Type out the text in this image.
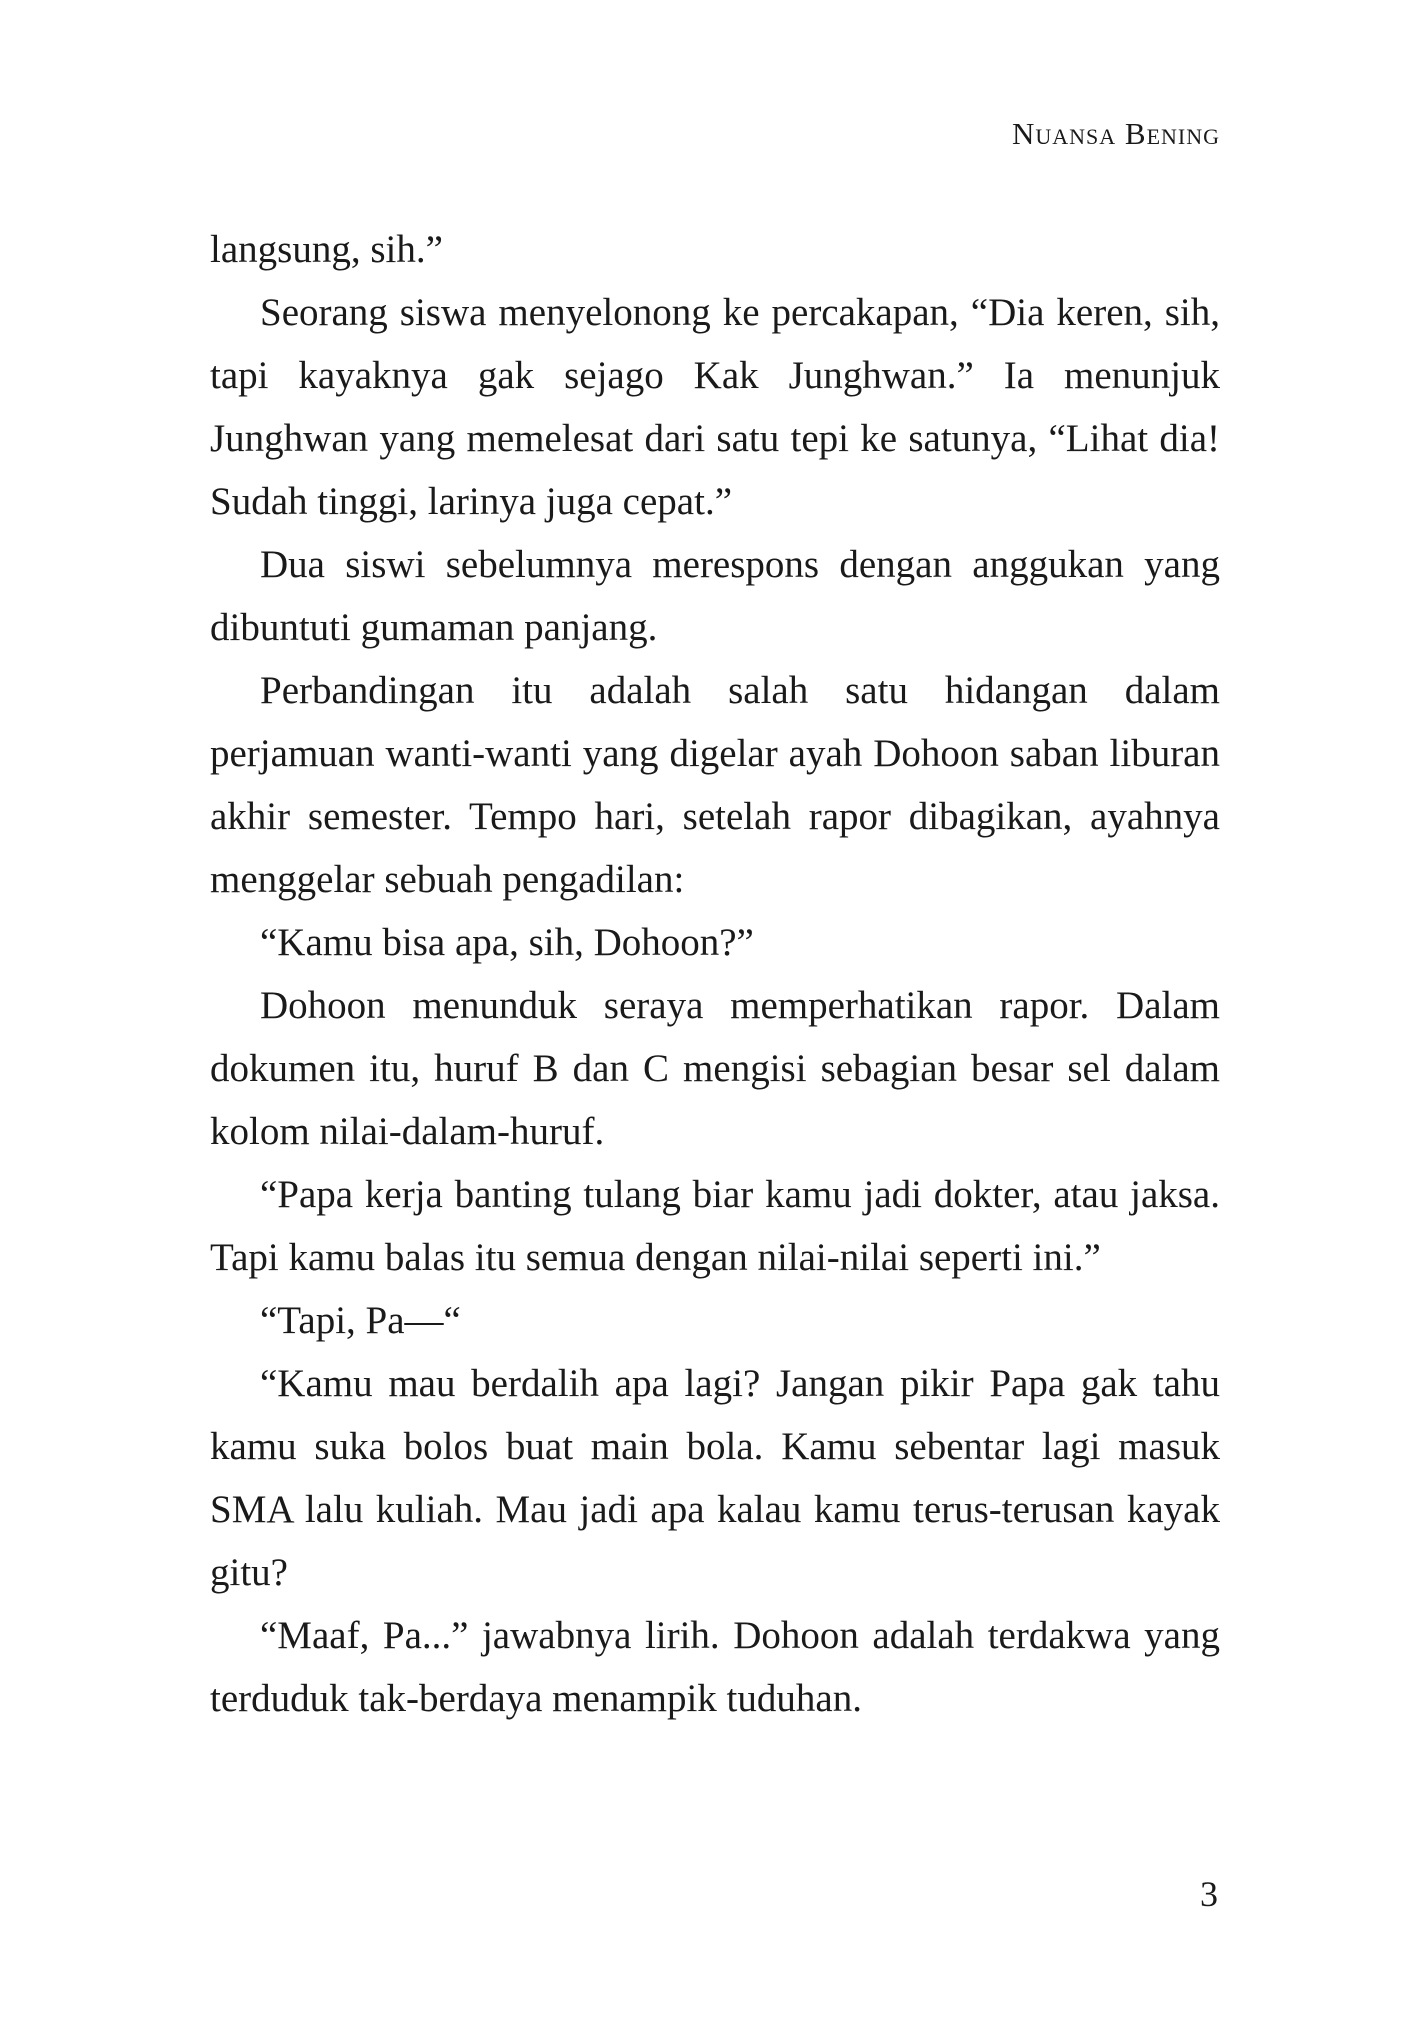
Nuansa Bening

langsung, sih.”

Seorang siswa menyelonong ke percakapan, “Dia keren, sih, tapi kayaknya gak sejago Kak Junghwan.” Ia menunjuk Junghwan yang memelesat dari satu tepi ke satunya, “Lihat dia! Sudah tinggi, larinya juga cepat.”

Dua siswi sebelumnya merespons dengan anggukan yang dibuntuti gumaman panjang.

Perbandingan itu adalah salah satu hidangan dalam perjamuan wanti-wanti yang digelar ayah Dohoon saban liburan akhir semester. Tempo hari, setelah rapor dibagikan, ayahnya menggelar sebuah pengadilan:

“Kamu bisa apa, sih, Dohoon?”

Dohoon menunduk seraya memperhatikan rapor. Dalam dokumen itu, huruf B dan C mengisi sebagian besar sel dalam kolom nilai-dalam-huruf.

“Papa kerja banting tulang biar kamu jadi dokter, atau jaksa. Tapi kamu balas itu semua dengan nilai-nilai seperti ini.”

“Tapi, Pa—“

“Kamu mau berdalih apa lagi? Jangan pikir Papa gak tahu kamu suka bolos buat main bola. Kamu sebentar lagi masuk SMA lalu kuliah. Mau jadi apa kalau kamu terus-terusan kayak gitu?

“Maaf, Pa...” jawabnya lirih. Dohoon adalah terdakwa yang terduduk tak-berdaya menampik tuduhan.

3
